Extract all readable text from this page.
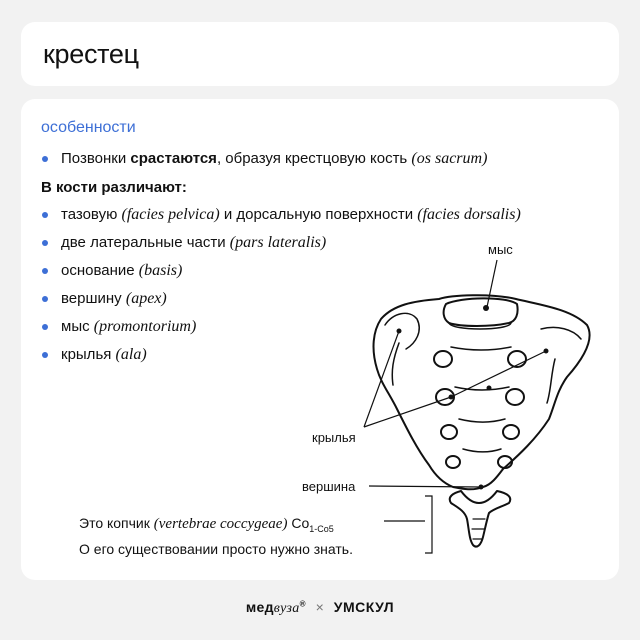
крестец
особенности
Позвонки срастаются, образуя крестцовую кость (os sacrum)
В кости различают:
тазовую (facies pelvica) и дорсальную поверхности (facies dorsalis)
две латеральные части (pars lateralis)
основание (basis)
вершину (apex)
мыс (promontorium)
крылья (ala)
мыс
крылья
вершина
Это копчик (vertebrae coccygeae) $Co_{1-Co5}$
О его существовании просто нужно знать.
медвуза® × УМСКУЛ
